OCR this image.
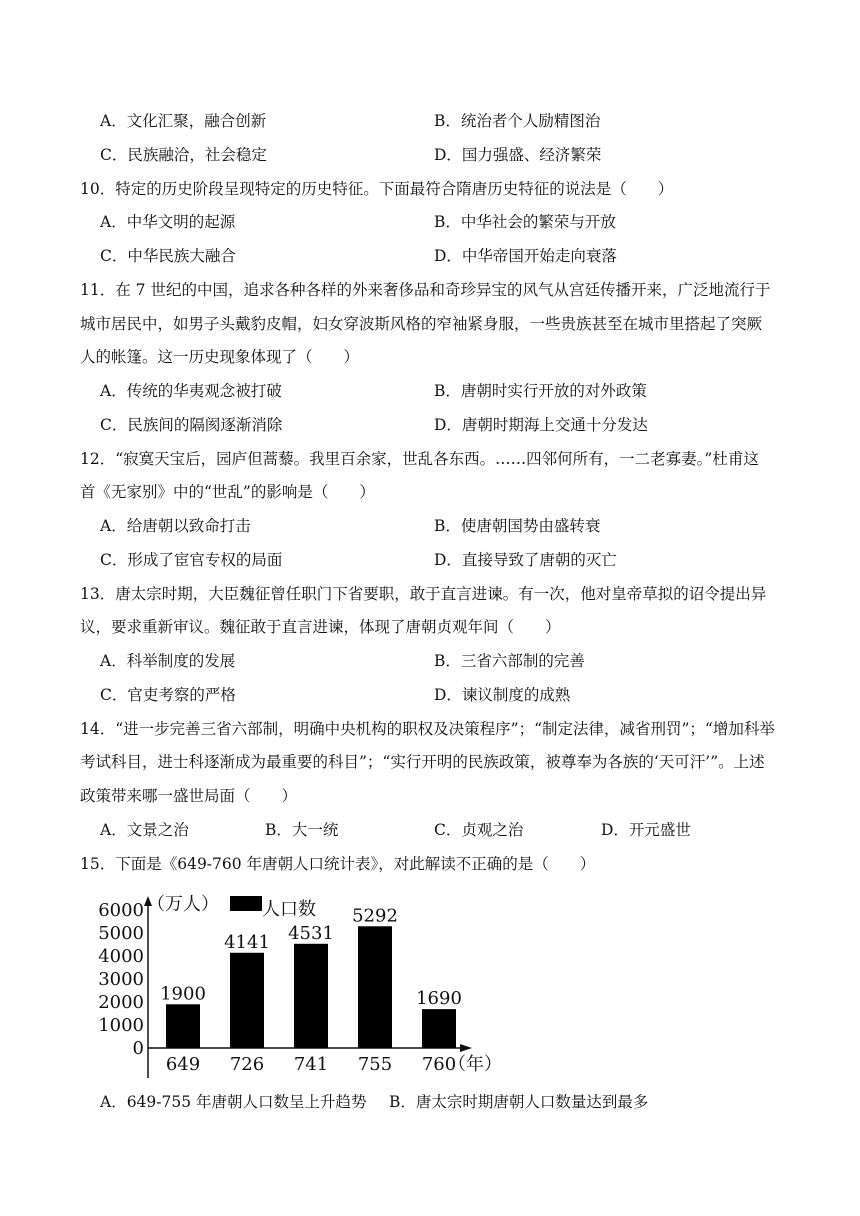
A．文化汇聚，融合创新	B．统治者个人励精图治
C．民族融洽，社会稳定	D．国力强盛、经济繁荣
10．特定的历史阶段呈现特定的历史特征。下面最符合隋唐历史特征的说法是（　　）
A．中华文明的起源	B．中华社会的繁荣与开放
C．中华民族大融合	D．中华帝国开始走向衰落
11．在 7 世纪的中国，追求各种各样的外来奢侈品和奇珍异宝的风气从宫廷传播开来，广泛地流行于
城市居民中，如男子头戴豹皮帽，妇女穿波斯风格的窄袖紧身服，一些贵族甚至在城市里搭起了突厥
人的帐篷。这一历史现象体现了（　　）
A．传统的华夷观念被打破	B．唐朝时实行开放的对外政策
C．民族间的隔阂逐渐消除	D．唐朝时期海上交通十分发达
12．“寂寞天宝后，园庐但蒿藜。我里百余家，世乱各东西。……四邻何所有，一二老寡妻。”杜甫这
首《无家别》中的“世乱”的影响是（　　）
A．给唐朝以致命打击	B．使唐朝国势由盛转衰
C．形成了宦官专权的局面	D．直接导致了唐朝的灭亡
13．唐太宗时期，大臣魏征曾任职门下省要职，敢于直言进谏。有一次，他对皇帝草拟的诏令提出异
议，要求重新审议。魏征敢于直言进谏，体现了唐朝贞观年间（　　）
A．科举制度的发展	B．三省六部制的完善
C．官吏考察的严格	D．谏议制度的成熟
14．“进一步完善三省六部制，明确中央机构的职权及决策程序”；“制定法律，减省刑罚”；“增加科举
考试科目，进士科逐渐成为最重要的科目”；“实行开明的民族政策，被尊奉为各族的‘天可汗’”。上述
政策带来哪一盛世局面（　　）
A．文景之治	B．大一统	C．贞观之治	D．开元盛世
15．下面是《649-760 年唐朝人口统计表》，对此解读不正确的是（　　）
（万人） 人口数
（年）
0
1000
2000
3000
4000
5000
6000
1900
4141 4531
5292
1690
649 726 741 755 760
A．649-755 年唐朝人口数呈上升趋势 B．唐太宗时期唐朝人口数量达到最多
